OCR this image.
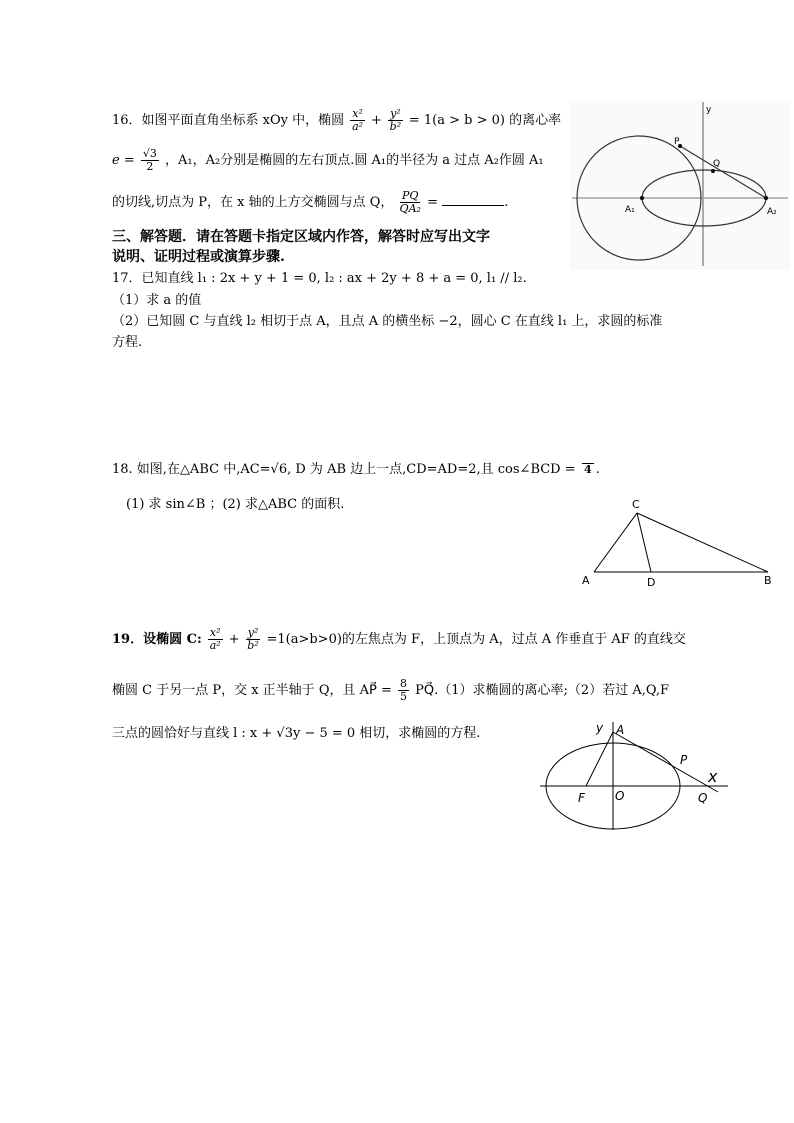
16．如图平面直角坐标系 xOy 中，椭圆 $\frac{\text{x²}}{\text{a²}} + \frac{\text{y²}}{\text{b²}} = 1(a > b > 0)$ 的离心率
$e = \frac{√3}{2}$ ，A₁，A₂分别是椭圆的左右顶点.圆 A₁的半径为 a 过点 A₂作圆 A₁
的切线,切点为 P，在 x 轴的上方交椭圆与点 Q， $\frac{PQ}{\text{QA₂}}$ =	.
y
P
Q
A₁	A₂
三、解答题．请在答题卡指定区域内作答，解答时应写出文字
说明、证明过程或演算步骤.
17．已知直线 l₁ : 2x + y + 1 = 0, l₂ : ax + 2y + 8 + a = 0, l₁ // l₂.
（1）求 a 的值
（2）已知圆 C 与直线 l₂ 相切于点 A，且点 A 的横坐标 −2，圆心 C 在直线 l₁ 上，求圆的标准
方程.
18. 如图,在△ABC 中,AC=√6, D 为 AB 边上一点,CD=AD=2,且 cos∠BCD = 4 .
(1) 求 sin∠B ；(2) 求△ABC 的面积.	C
A	D	B
19．设椭圆 C: $\frac{\text{x²}}{\text{a²}} + \frac{\text{y²}}{\text{b²}} =1(a>b>0)$的左焦点为 F，上顶点为 A，过点 A 作垂直于 AF 的直线交
椭圆 C 于另一点 P，交 x 正半轴于 Q，且 AP⃗ = $\frac{8}{5}$ PQ⃗.（1）求椭圆的离心率;（2）若过 A,Q,F
三点的圆恰好与直线 l : x + √3y − 5 = 0 相切，求椭圆的方程.	y A
P
x
F	O	Q
